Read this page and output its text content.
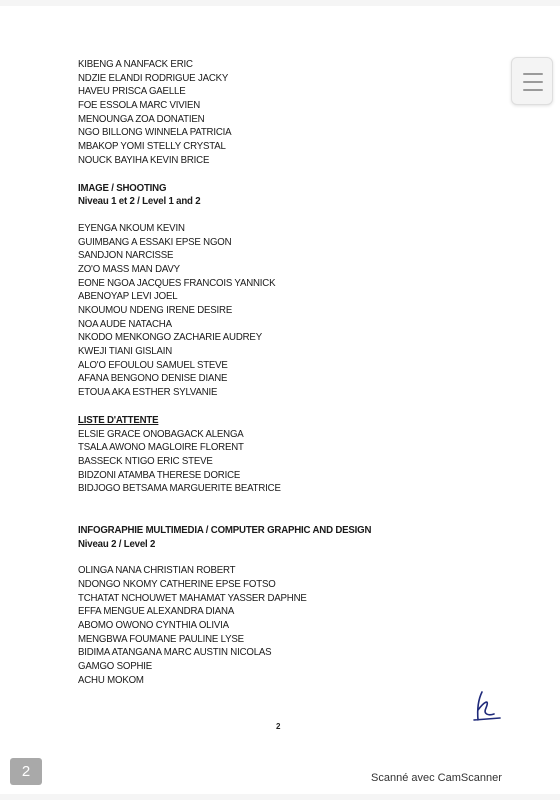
KIBENG A NANFACK ERIC
NDZIE ELANDI RODRIGUE JACKY
HAVEU PRISCA GAELLE
FOE ESSOLA MARC VIVIEN
MENOUNGA ZOA DONATIEN
NGO BILLONG WINNELA PATRICIA
MBAKOP YOMI STELLY CRYSTAL
NOUCK BAYIHA KEVIN BRICE
IMAGE / SHOOTING
Niveau 1 et 2 / Level 1 and 2
EYENGA NKOUM KEVIN
GUIMBANG A ESSAKI EPSE NGON
SANDJON NARCISSE
ZO'O MASS MAN DAVY
EONE NGOA JACQUES FRANCOIS YANNICK
ABENOYAP LEVI JOEL
NKOUMOU NDENG IRENE DESIRE
NOA AUDE NATACHA
NKODO MENKONGO ZACHARIE AUDREY
KWEJI TIANI GISLAIN
ALO'O EFOULOU SAMUEL STEVE
AFANA BENGONO DENISE DIANE
ETOUA AKA ESTHER SYLVANIE
LISTE D'ATTENTE
ELSIE GRACE ONOBAGACK ALENGA
TSALA AWONO MAGLOIRE FLORENT
BASSECK NTIGO ERIC STEVE
BIDZONI ATAMBA THERESE DORICE
BIDJOGO BETSAMA MARGUERITE BEATRICE
INFOGRAPHIE MULTIMEDIA / COMPUTER GRAPHIC AND DESIGN
Niveau 2 / Level 2
OLINGA NANA CHRISTIAN ROBERT
NDONGO NKOMY CATHERINE EPSE FOTSO
TCHATAT NCHOUWET MAHAMAT YASSER DAPHNE
EFFA MENGUE ALEXANDRA DIANA
ABOMO OWONO CYNTHIA OLIVIA
MENGBWA FOUMANE PAULINE LYSE
BIDIMA ATANGANA MARC AUSTIN NICOLAS
GAMGO SOPHIE
ACHU MOKOM
2
2	Scanné avec CamScanner
